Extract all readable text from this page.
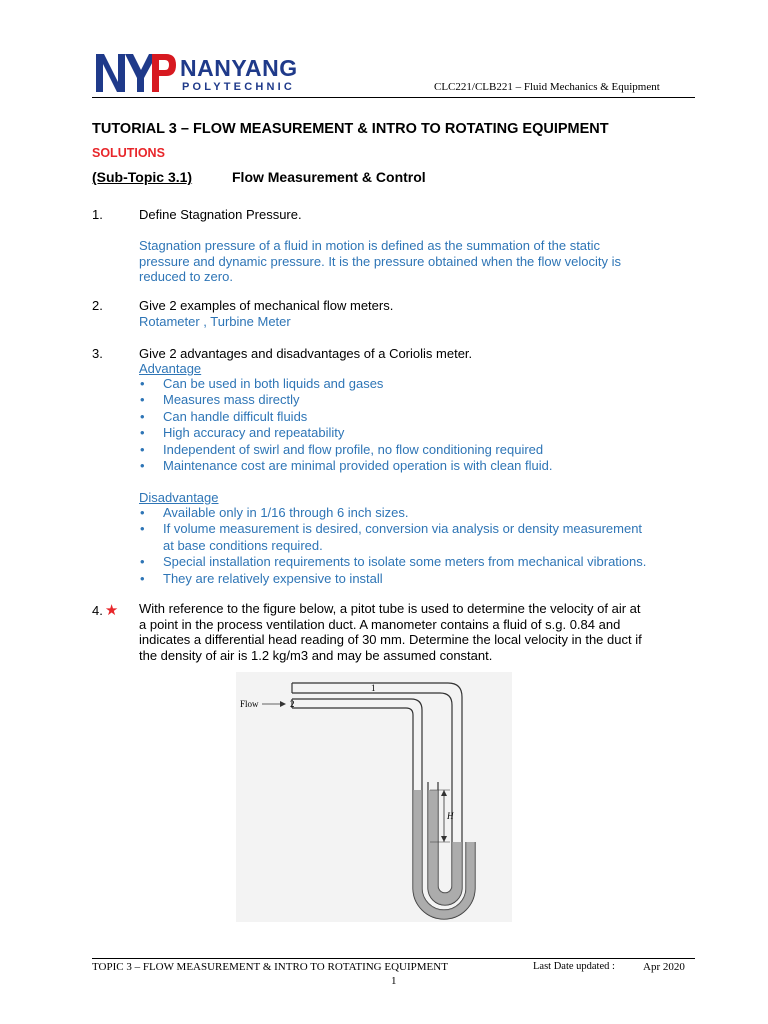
NANYANG
POLYTECHNIC	CLC221/CLB221 – Fluid Mechanics & Equipment
TUTORIAL 3 – FLOW MEASUREMENT & INTRO TO ROTATING EQUIPMENT
SOLUTIONS
(Sub-Topic 3.1)	Flow Measurement & Control
1.	Define Stagnation Pressure.
Stagnation pressure of a fluid in motion is defined as the summation of the static
pressure and dynamic pressure. It is the pressure obtained when the flow velocity is
reduced to zero.
2.	Give 2 examples of mechanical flow meters.
Rotameter , Turbine Meter
3.	Give 2 advantages and disadvantages of a Coriolis meter.
Advantage
• Can be used in both liquids and gases
• Measures mass directly
• Can handle difficult fluids
• High accuracy and repeatability
• Independent of swirl and flow profile, no flow conditioning required
• Maintenance cost are minimal provided operation is with clean fluid.
Disadvantage
• Available only in 1/16 through 6 inch sizes.
• If volume measurement is desired, conversion via analysis or density measurement
at base conditions required.
• Special installation requirements to isolate some meters from mechanical vibrations.
• They are relatively expensive to install
4. ★ With reference to the figure below, a pitot tube is used to determine the velocity of air at
a point in the process ventilation duct. A manometer contains a fluid of s.g. 0.84 and
indicates a differential head reading of 30 mm. Determine the local velocity in the duct if
the density of air is 1.2 kg/m3 and may be assumed constant.
H
Flow	2
1
TOPIC 3 – FLOW MEASUREMENT & INTRO TO ROTATING EQUIPMENT	Last Date updated :	Apr 2020
1
